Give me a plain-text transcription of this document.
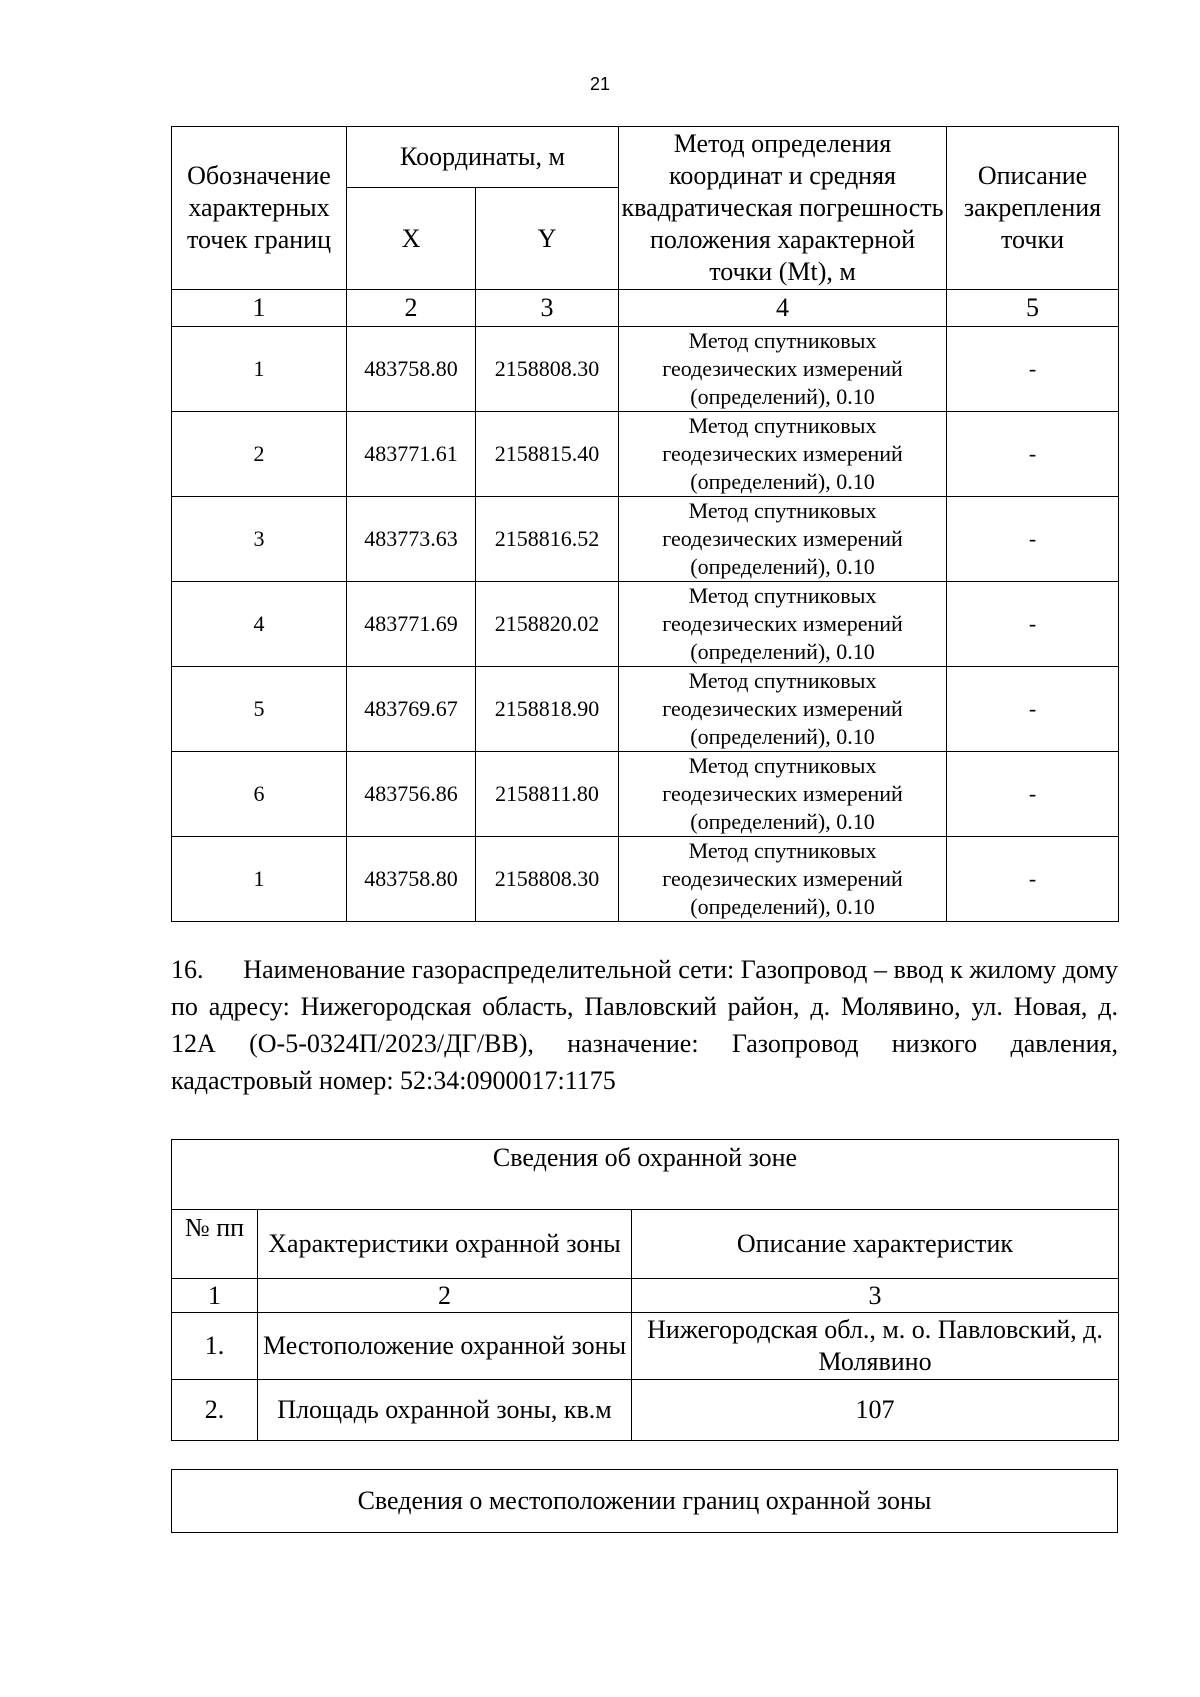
21
Обозначение характерных точек границ	Координаты, м		Метод определения координат и средняя квадратическая погрешность положения характерной точки (Mt), м	Описание закрепления точки
	X	Y		
1	2	3	4	5
1	483758.80	2158808.30	Метод спутниковых геодезических измерений (определений), 0.10	-
2	483771.61	2158815.40	Метод спутниковых геодезических измерений (определений), 0.10	-
3	483773.63	2158816.52	Метод спутниковых геодезических измерений (определений), 0.10	-
4	483771.69	2158820.02	Метод спутниковых геодезических измерений (определений), 0.10	-
5	483769.67	2158818.90	Метод спутниковых геодезических измерений (определений), 0.10	-
6	483756.86	2158811.80	Метод спутниковых геодезических измерений (определений), 0.10	-
1	483758.80	2158808.30	Метод спутниковых геодезических измерений (определений), 0.10	-
16.      Наименование газораспределительной сети: Газопровод – ввод к жилому дому по адресу: Нижегородская область, Павловский район, д. Молявино, ул. Новая, д. 12А (О-5-0324П/2023/ДГ/ВВ), назначение: Газопровод низкого давления, кадастровый номер: 52:34:0900017:1175
Сведения об охранной зоне		
№ пп	Характеристики охранной зоны	Описание характеристик
1	2	3
1.	Местоположение охранной зоны	Нижегородская обл., м. о. Павловский, д. Молявино
2.	Площадь охранной зоны, кв.м	107
Сведения о местоположении границ охранной зоны
